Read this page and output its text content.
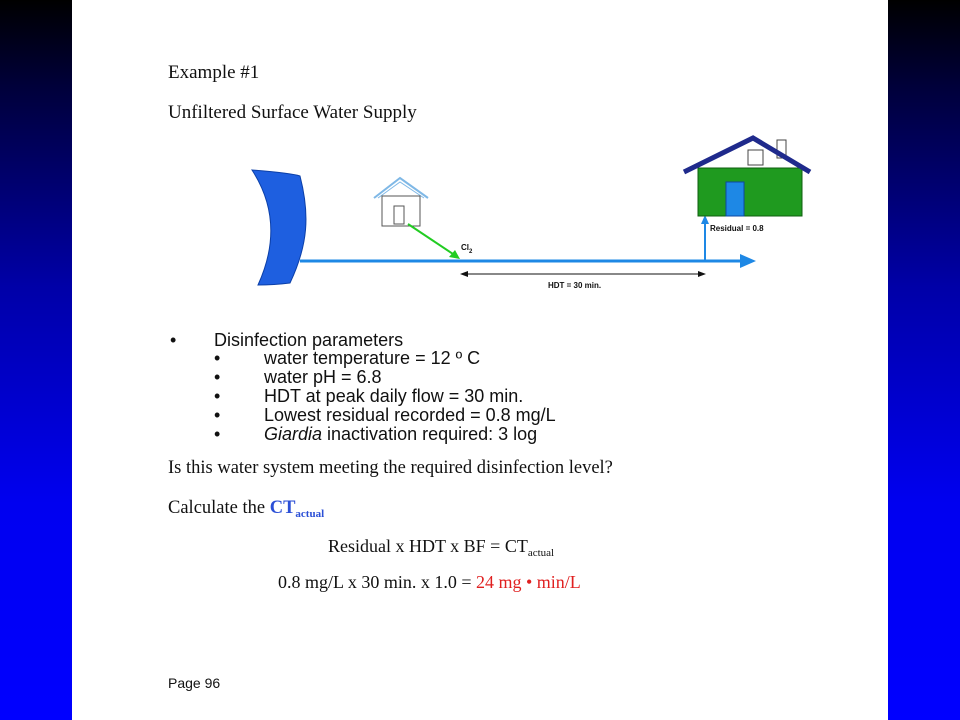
Example #1
Unfiltered Surface Water Supply
$Cl_2$
HDT = 30 min.
Residual = 0.8
• Disinfection parameters
• water temperature = 12 º C
• water pH = 6.8
• HDT at peak daily flow = 30 min.
• Lowest residual recorded = 0.8 mg/L
• Giardia inactivation required: 3 log
Is this water system meeting the required disinfection level?
Calculate the $CT_{actual}$
Residual x HDT x BF = $CT_{actual}$
0.8 mg/L x 30 min. x 1.0 = 24 mg • min/L
Page 96
